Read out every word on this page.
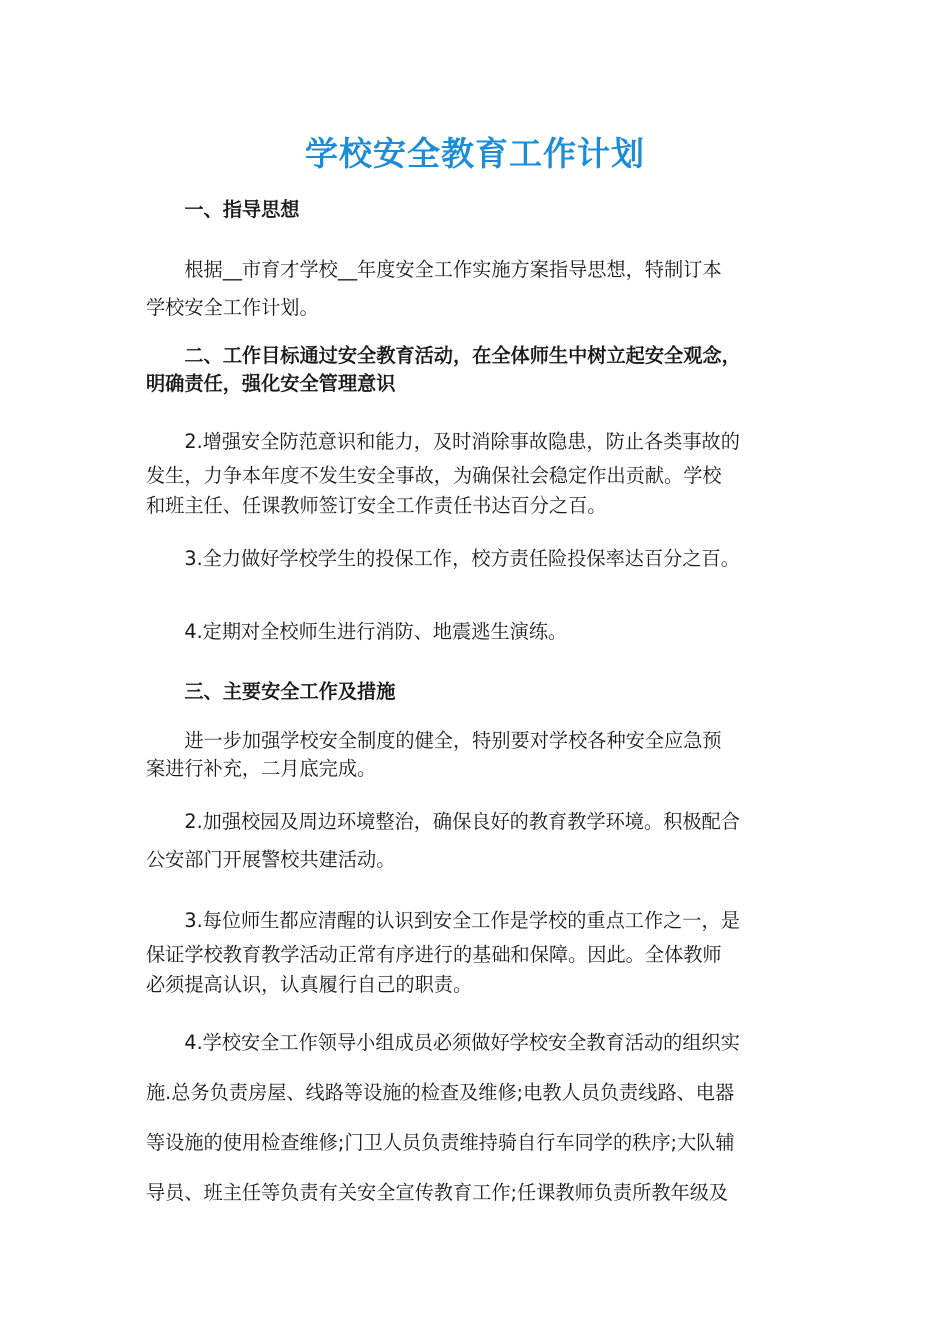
学校安全教育工作计划
　　一、指导思想
　　根据__市育才学校__年度安全工作实施方案指导思想，特制订本
学校安全工作计划。
　　二、工作目标通过安全教育活动，在全体师生中树立起安全观念，
明确责任，强化安全管理意识
　　2.增强安全防范意识和能力，及时消除事故隐患，防止各类事故的
发生，力争本年度不发生安全事故，为确保社会稳定作出贡献。学校
和班主任、任课教师签订安全工作责任书达百分之百。
　　3.全力做好学校学生的投保工作，校方责任险投保率达百分之百。
　　4.定期对全校师生进行消防、地震逃生演练。
　　三、主要安全工作及措施
　　进一步加强学校安全制度的健全，特别要对学校各种安全应急预
案进行补充，二月底完成。
　　2.加强校园及周边环境整治，确保良好的教育教学环境。积极配合
公安部门开展警校共建活动。
　　3.每位师生都应清醒的认识到安全工作是学校的重点工作之一，是
保证学校教育教学活动正常有序进行的基础和保障。因此。全体教师
必须提高认识，认真履行自己的职责。
　　4.学校安全工作领导小组成员必须做好学校安全教育活动的组织实
施.总务负责房屋、线路等设施的检查及维修;电教人员负责线路、电器
等设施的使用检查维修;门卫人员负责维持骑自行车同学的秩序;大队辅
导员、班主任等负责有关安全宣传教育工作;任课教师负责所教年级及
